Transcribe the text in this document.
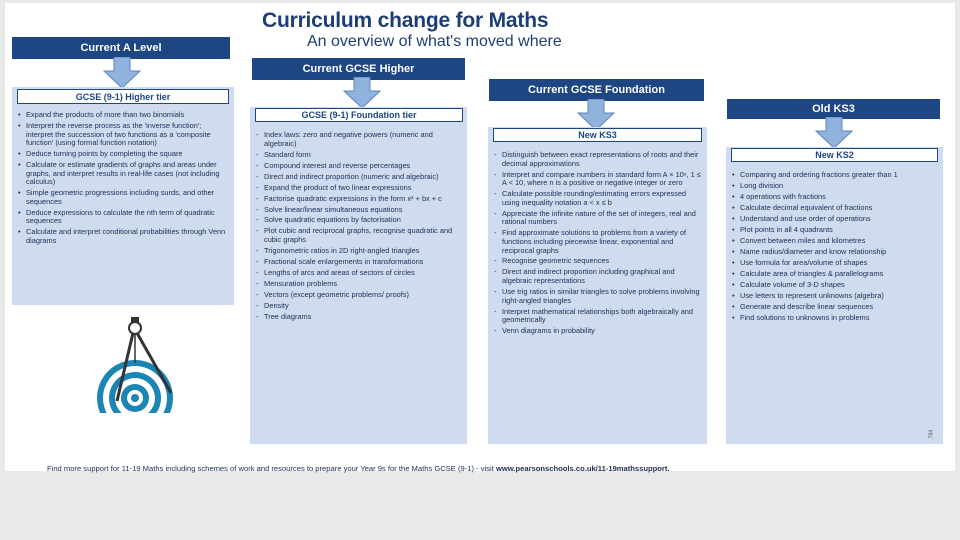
Curriculum change for Maths
An overview of what's moved where
Current A Level
• Expand the products of more than two binomials
• Interpret the reverse process as the 'inverse function'; interpret the succession of two functions as a 'composite function' (using formal function notation)
• Deduce turning points by completing the square
• Calculate or estimate gradients of graphs and areas under graphs, and interpret results in real-life cases (not including calculus)
• Simple geometric progressions including surds, and other sequences
• Deduce expressions to calculate the nth term of quadratic sequences
• Calculate and interpret conditional probabilities through Venn diagrams
GCSE (9-1) Higher tier
Current GCSE Higher
- Index laws: zero and negative powers (numeric and algebraic)
- Standard form
- Compound interest and reverse percentages
- Direct and indirect proportion (numeric and algebraic)
- Expand the product of two linear expressions
- Factorise quadratic expressions in the form x² + bx + c
- Solve linear/linear simultaneous equations
- Solve quadratic equations by factorisation
- Plot cubic and reciprocal graphs, recognise quadratic and cubic graphs
- Trigonometric ratios in 2D right-angled triangles
- Fractional scale enlargements in transformations
- Lengths of arcs and areas of sectors of circles
- Mensuration problems
- Vectors (except geometric problems/ proofs)
- Density
- Tree diagrams
GCSE (9-1) Foundation tier
Current GCSE Foundation
- Distinguish between exact representations of roots and their decimal approximations
- Interpret and compare numbers in standard form A × 10ⁿ, 1 ≤ A < 10, where n is a positive or negative integer or zero
- Calculate possible rounding/estimating errors expressed using inequality notation a < x ≤ b
- Appreciate the infinite nature of the set of integers, real and rational numbers
- Find approximate solutions to problems from a variety of functions including piecewise linear, exponential and reciprocal graphs
- Recognise geometric sequences
- Direct and indirect proportion including graphical and algebraic representations
- Use trig ratios in similar triangles to solve problems involving right-angled triangles
- Interpret mathematical relationships both algebraically and geometrically
- Venn diagrams in probability
New KS3
Old KS3
• Comparing and ordering fractions greater than 1
• Long division
• 4 operations with fractions
• Calculate decimal equivalent of fractions
• Understand and use order of operations
• Plot points in all 4 quadrants
• Convert between miles and kilometres
• Name radius/diameter and know relationship
• Use formula for area/volume of shapes
• Calculate area of triangles & parallelograms
• Calculate volume of 3-D shapes
• Use letters to represent unknowns (algebra)
• Generate and describe linear sequences
• Find solutions to unknowns in problems
New KS2
T84
Find more support for 11-19 Maths including schemes of work and resources to prepare your Year 9s for the Maths GCSE (9-1) - visit www.pearsonschools.co.uk/11-19mathssupport.
